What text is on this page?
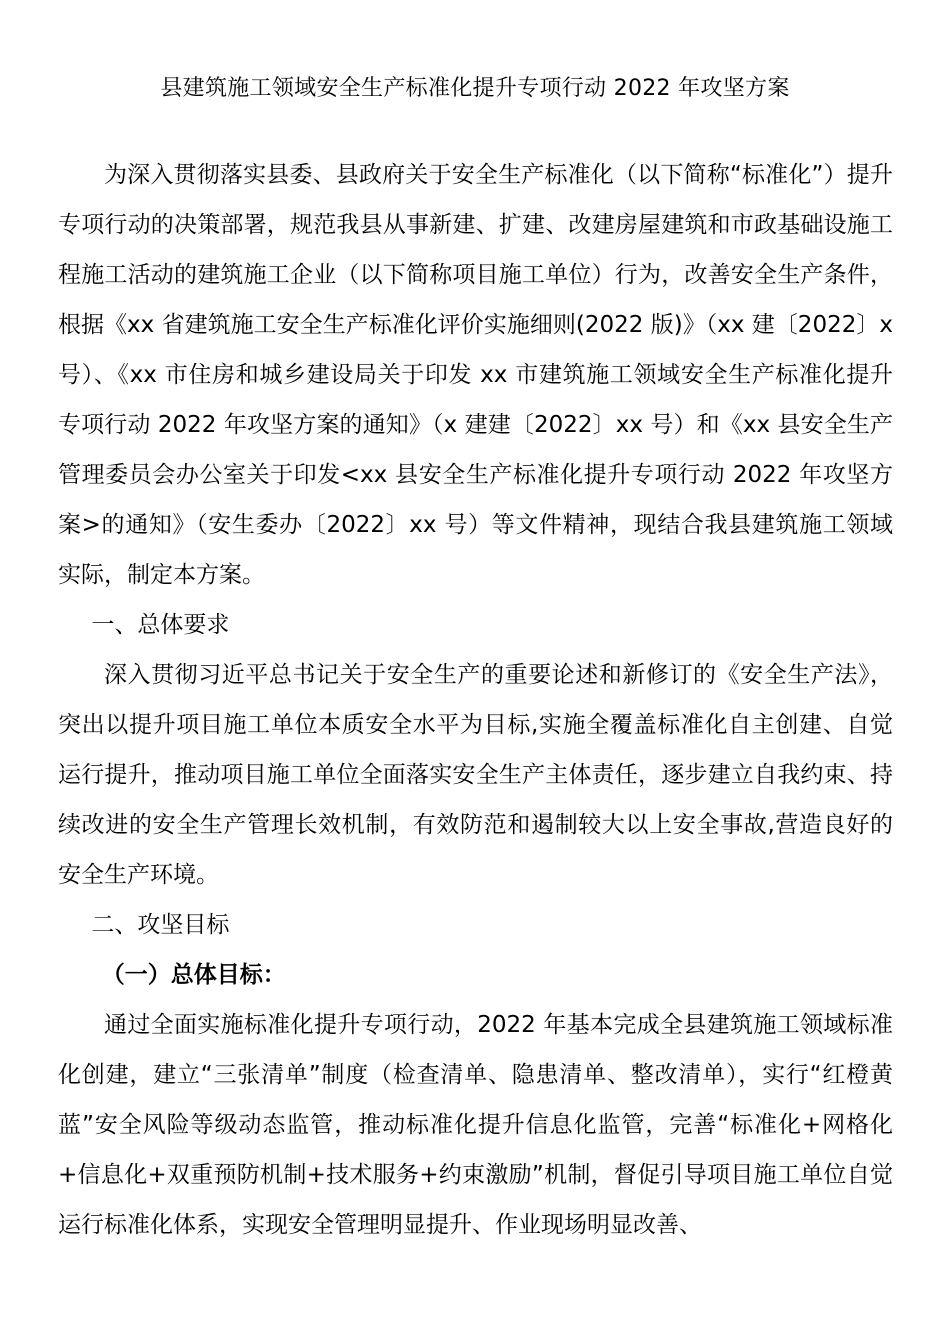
县建筑施工领域安全生产标准化提升专项行动 2022 年攻坚方案

为深入贯彻落实县委、县政府关于安全生产标准化（以下简称“标准化”）提升专项行动的决策部署，规范我县从事新建、扩建、改建房屋建筑和市政基础设施工程施工活动的建筑施工企业（以下简称项目施工单位）行为，改善安全生产条件，根据《xx 省建筑施工安全生产标准化评价实施细则(2022 版)》（xx 建〔2022〕x 号）、《xx 市住房和城乡建设局关于印发 xx 市建筑施工领域安全生产标准化提升专项行动 2022 年攻坚方案的通知》（x 建建〔2022〕xx 号）和《xx 县安全生产管理委员会办公室关于印发<xx 县安全生产标准化提升专项行动 2022 年攻坚方案>的通知》（安生委办〔2022〕xx 号）等文件精神，现结合我县建筑施工领域实际，制定本方案。

一、总体要求

深入贯彻习近平总书记关于安全生产的重要论述和新修订的《安全生产法》，突出以提升项目施工单位本质安全水平为目标,实施全覆盖标准化自主创建、自觉运行提升，推动项目施工单位全面落实安全生产主体责任，逐步建立自我约束、持续改进的安全生产管理长效机制，有效防范和遏制较大以上安全事故,营造良好的安全生产环境。

二、攻坚目标

（一）总体目标：

通过全面实施标准化提升专项行动，2022 年基本完成全县建筑施工领域标准化创建，建立“三张清单”制度（检查清单、隐患清单、整改清单），实行“红橙黄蓝”安全风险等级动态监管，推动标准化提升信息化监管，完善“标准化+网格化+信息化+双重预防机制+技术服务+约束激励”机制，督促引导项目施工单位自觉运行标准化体系，实现安全管理明显提升、作业现场明显改善、
